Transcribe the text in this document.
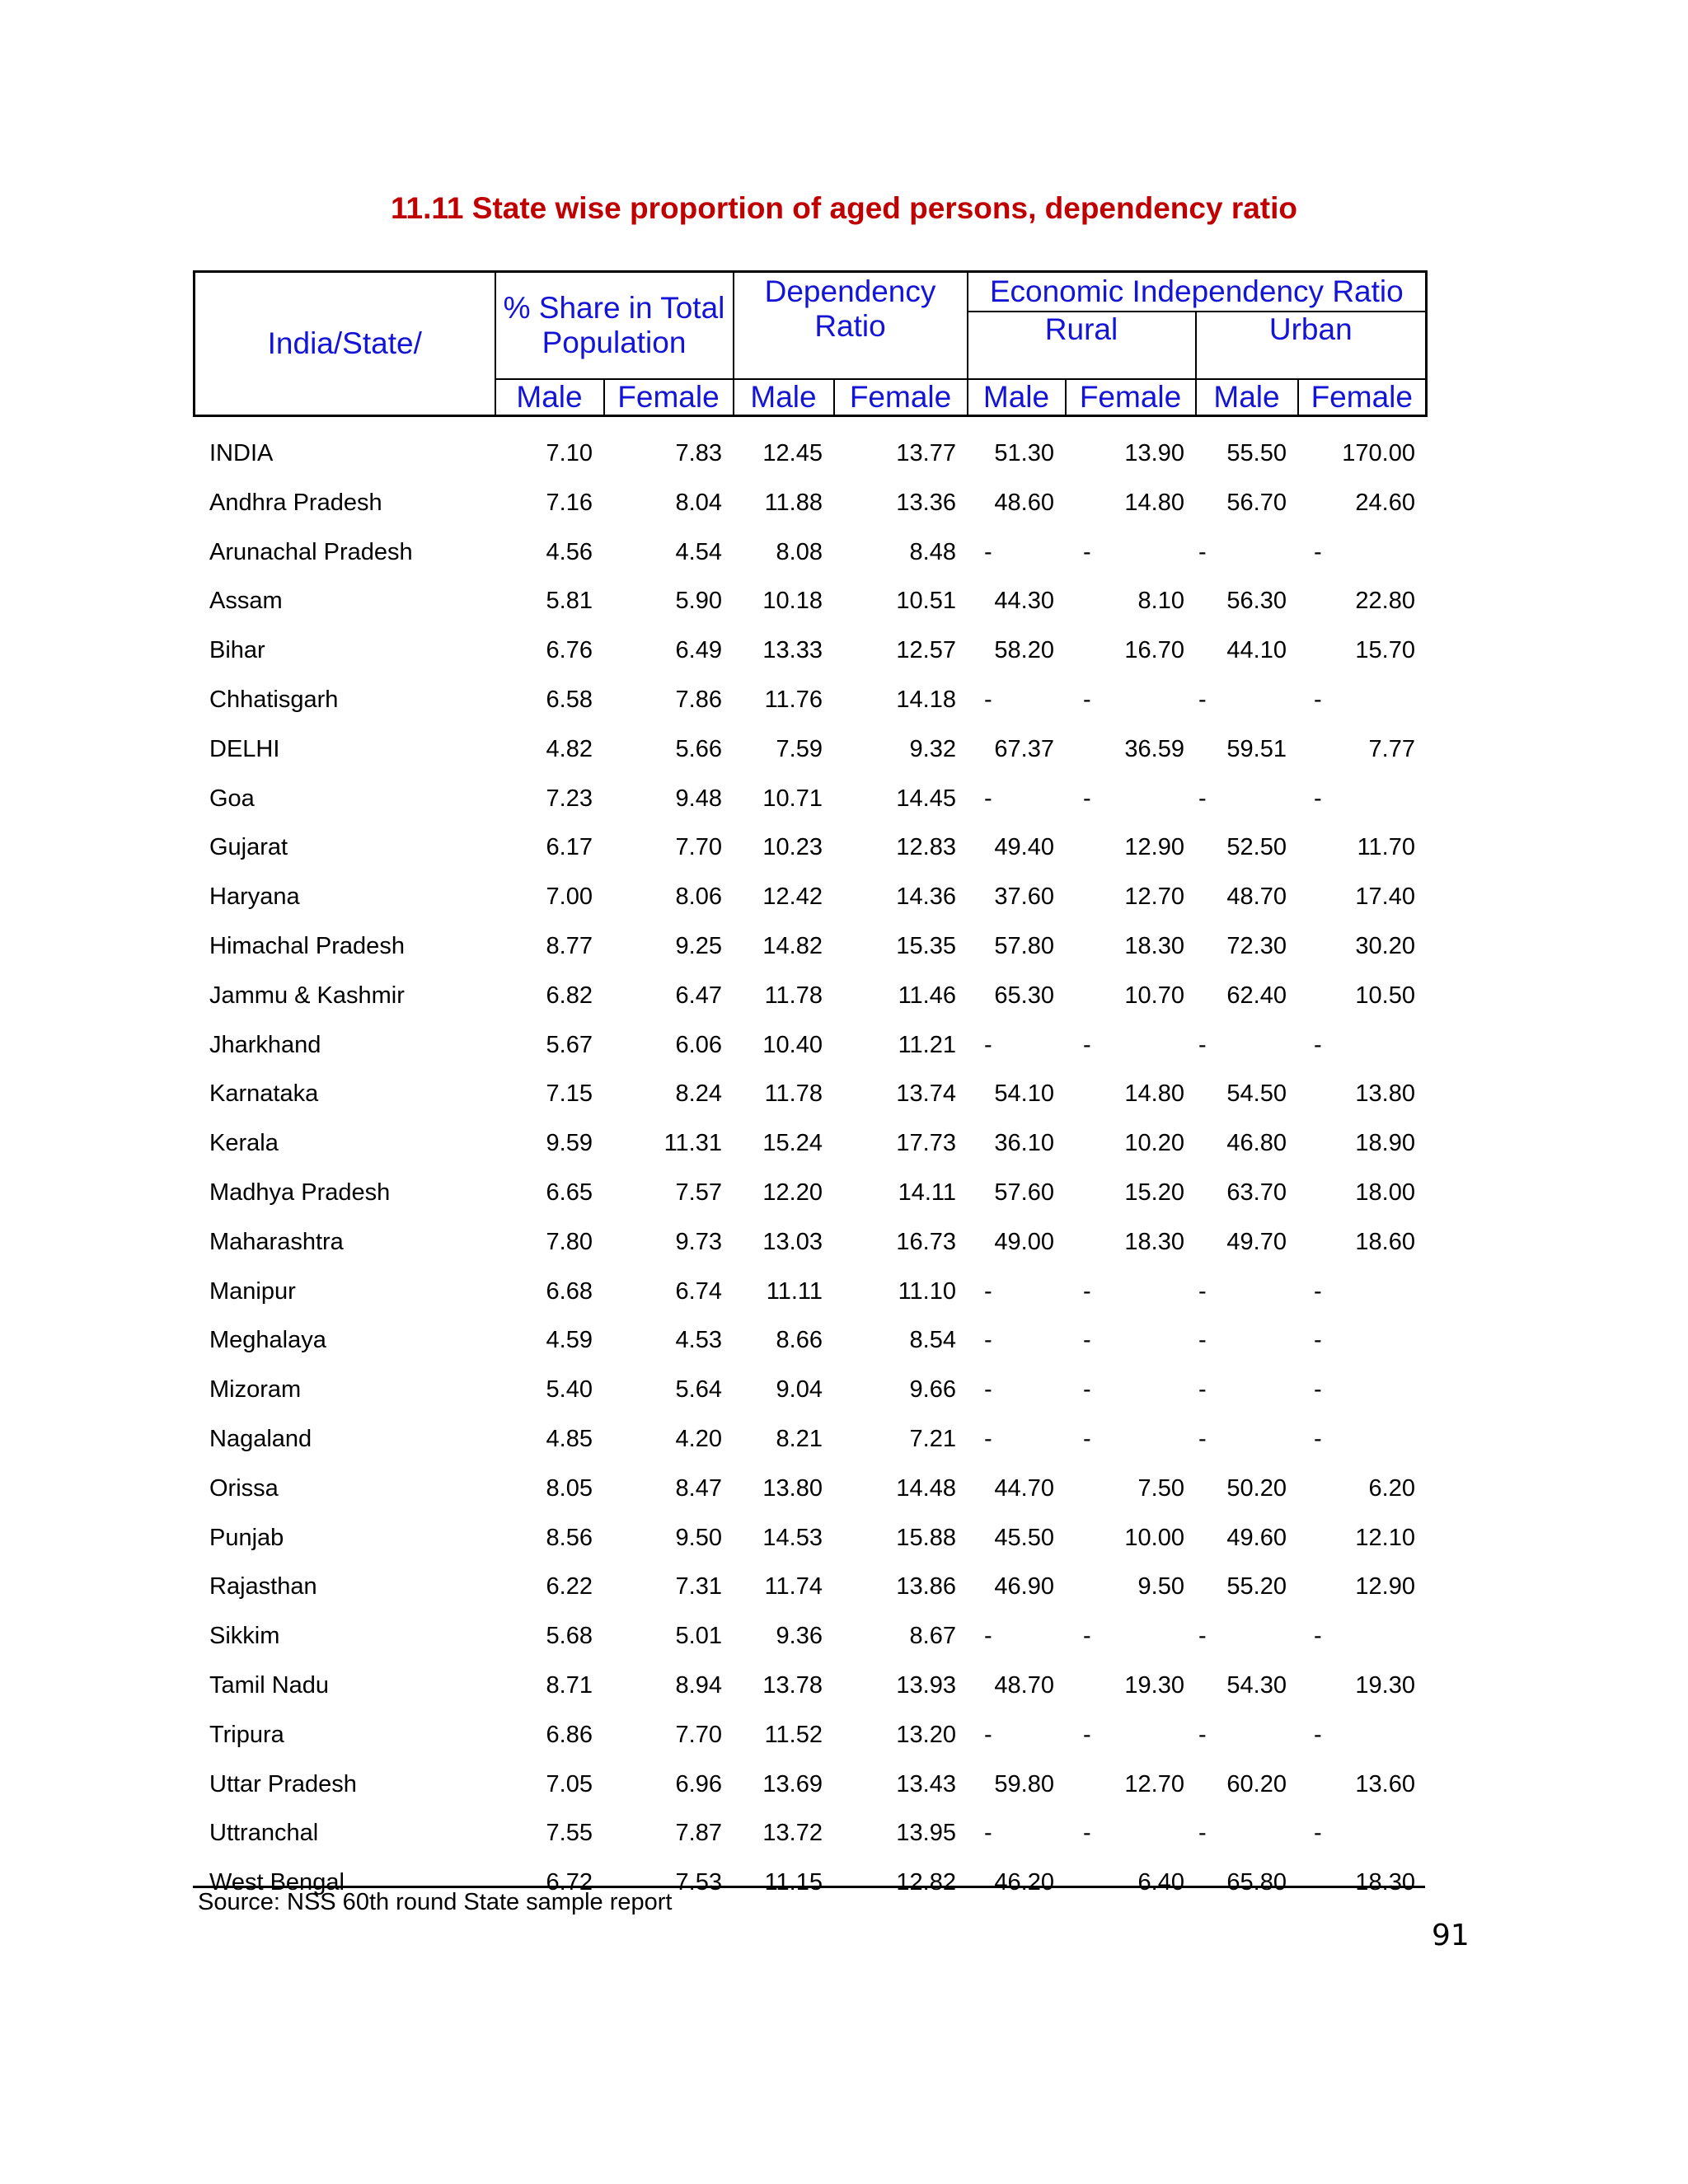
11.11 State wise proportion of aged persons, dependency ratio
India/State/	% Share in Total Population		Dependency Ratio		Economic Independency Ratio			
					Rural		Urban	
	Male	Female	Male	Female	Male	Female	Male	Female
INDIA	7.10	7.83 12.45	13.77 51.30	13.90 55.50 170.00
Andhra Pradesh	7.16	8.04 11.88	13.36 48.60	14.80 56.70	24.60
Arunachal Pradesh	4.56	4.54 8.08	8.48 -	-	-	-
Assam	5.81	5.90 10.18	10.51 44.30	8.10 56.30	22.80
Bihar	6.76	6.49 13.33	12.57 58.20	16.70 44.10	15.70
Chhatisgarh	6.58	7.86 11.76	14.18 -	-	-	-
DELHI	4.82	5.66 7.59	9.32 67.37	36.59 59.51	7.77
Goa	7.23	9.48 10.71	14.45 -	-	-	-
Gujarat	6.17	7.70 10.23	12.83 49.40	12.90 52.50	11.70
Haryana	7.00	8.06 12.42	14.36 37.60	12.70 48.70	17.40
Himachal Pradesh	8.77	9.25 14.82	15.35 57.80	18.30 72.30	30.20
Jammu & Kashmir	6.82	6.47 11.78	11.46 65.30	10.70 62.40	10.50
Jharkhand	5.67	6.06 10.40	11.21 -	-	-	-
Karnataka	7.15	8.24 11.78	13.74 54.10	14.80 54.50	13.80
Kerala	9.59	11.31 15.24	17.73 36.10	10.20 46.80	18.90
Madhya Pradesh	6.65	7.57 12.20	14.11 57.60	15.20 63.70	18.00
Maharashtra	7.80	9.73 13.03	16.73 49.00	18.30 49.70	18.60
Manipur	6.68	6.74 11.11	11.10 -	-	-	-
Meghalaya	4.59	4.53 8.66	8.54 -	-	-	-
Mizoram	5.40	5.64 9.04	9.66 -	-	-	-
Nagaland	4.85	4.20 8.21	7.21 -	-	-	-
Orissa	8.05	8.47 13.80	14.48 44.70	7.50 50.20	6.20
Punjab	8.56	9.50 14.53	15.88 45.50	10.00 49.60	12.10
Rajasthan	6.22	7.31 11.74	13.86 46.90	9.50 55.20	12.90
Sikkim	5.68	5.01 9.36	8.67 -	-	-	-
Tamil Nadu	8.71	8.94 13.78	13.93 48.70	19.30 54.30	19.30
Tripura	6.86	7.70 11.52	13.20 -	-	-	-
Uttar Pradesh	7.05	6.96 13.69	13.43 59.80	12.70 60.20	13.60
Uttranchal	7.55	7.87 13.72	13.95 -	-	-	-
West Bengal	6.72	7.53 11.15	12.82 46.20	6.40 65.80	18.30
Source: NSS 60th round State sample report
91
